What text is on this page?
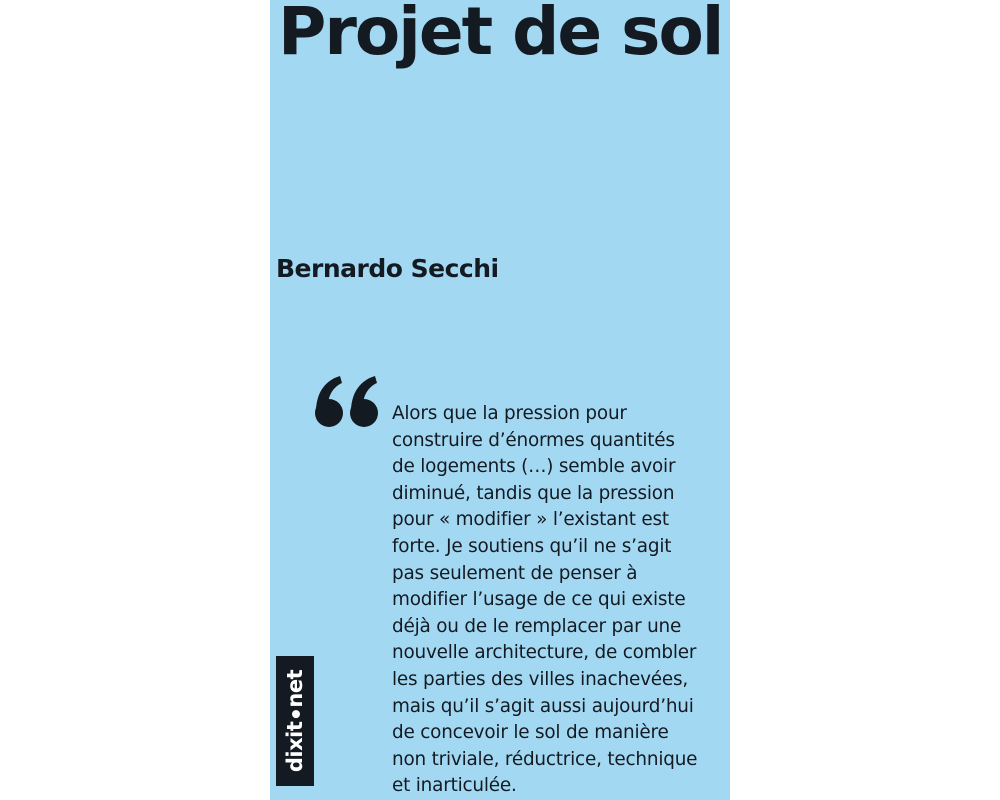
Projet de sol
Bernardo Secchi

Alors que la pression pour
construire d’énormes quantités
de logements (…) semble avoir
diminué, tandis que la pression
pour « modifier » l’existant est
forte. Je soutiens qu’il ne s’agit
pas seulement de penser à
modifier l’usage de ce qui existe
déjà ou de le remplacer par une
nouvelle architecture, de combler
les parties des villes inachevées,
mais qu’il s’agit aussi aujourd’hui
de concevoir le sol de manière
non triviale, réductrice, technique
et inarticulée.

dixitnet
